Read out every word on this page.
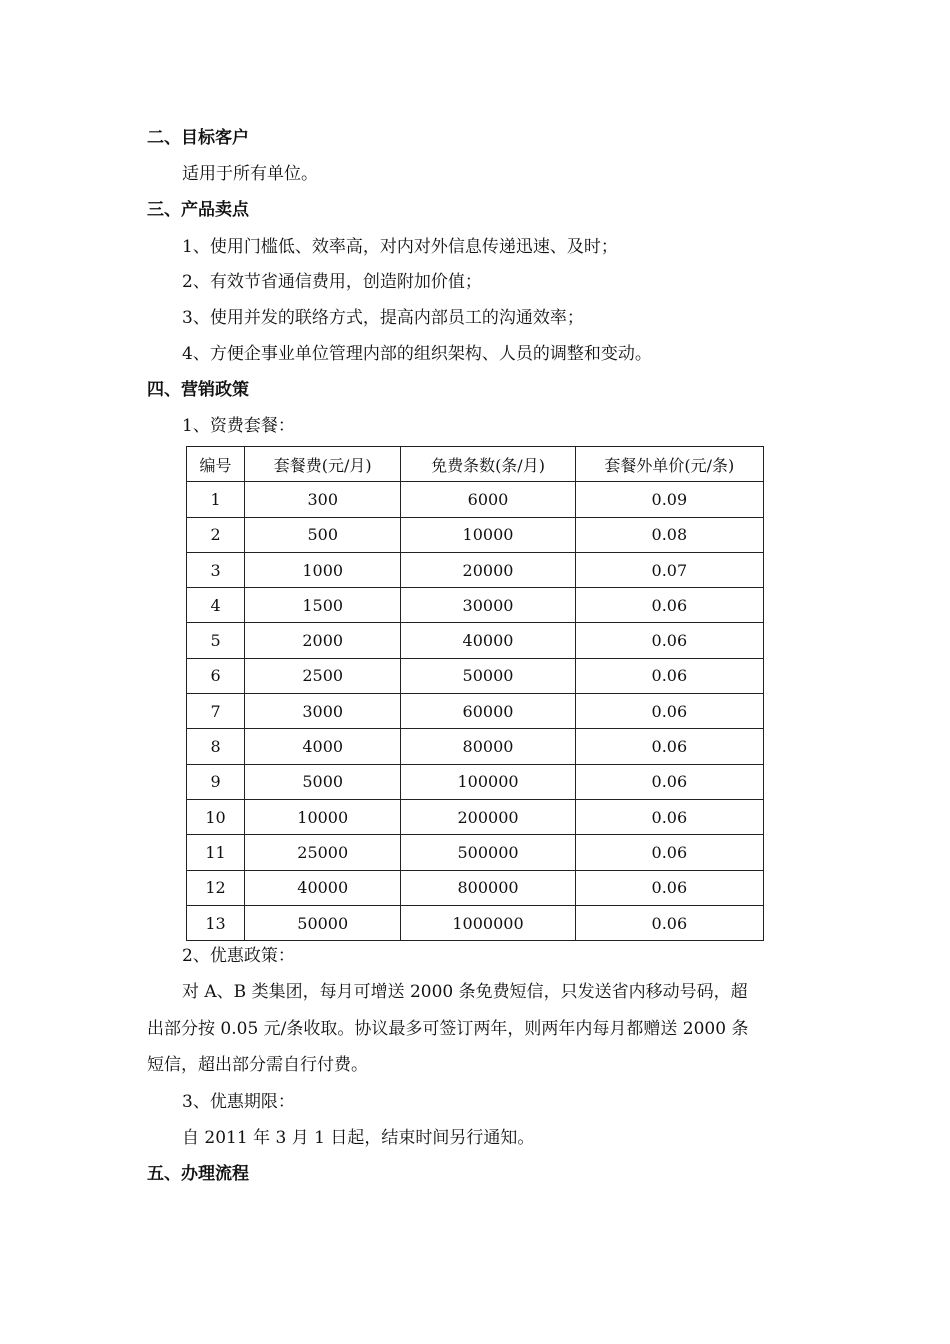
二、目标客户
适用于所有单位。
三、产品卖点
1、使用门槛低、效率高，对内对外信息传递迅速、及时；
2、有效节省通信费用，创造附加价值；
3、使用并发的联络方式，提高内部员工的沟通效率；
4、方便企事业单位管理内部的组织架构、人员的调整和变动。
四、营销政策
1、资费套餐：
编号	套餐费(元/月)	免费条数(条/月)	套餐外单价(元/条)
1	300	6000	0.09
2	500	10000	0.08
3	1000	20000	0.07
4	1500	30000	0.06
5	2000	40000	0.06
6	2500	50000	0.06
7	3000	60000	0.06
8	4000	80000	0.06
9	5000	100000	0.06
10	10000	200000	0.06
11	25000	500000	0.06
12	40000	800000	0.06
13	50000	1000000	0.06
2、优惠政策：
对 A、B 类集团，每月可增送 2000 条免费短信，只发送省内移动号码，超
出部分按 0.05 元/条收取。协议最多可签订两年，则两年内每月都赠送 2000 条
短信，超出部分需自行付费。
3、优惠期限：
自 2011 年 3 月 1 日起，结束时间另行通知。
五、办理流程
